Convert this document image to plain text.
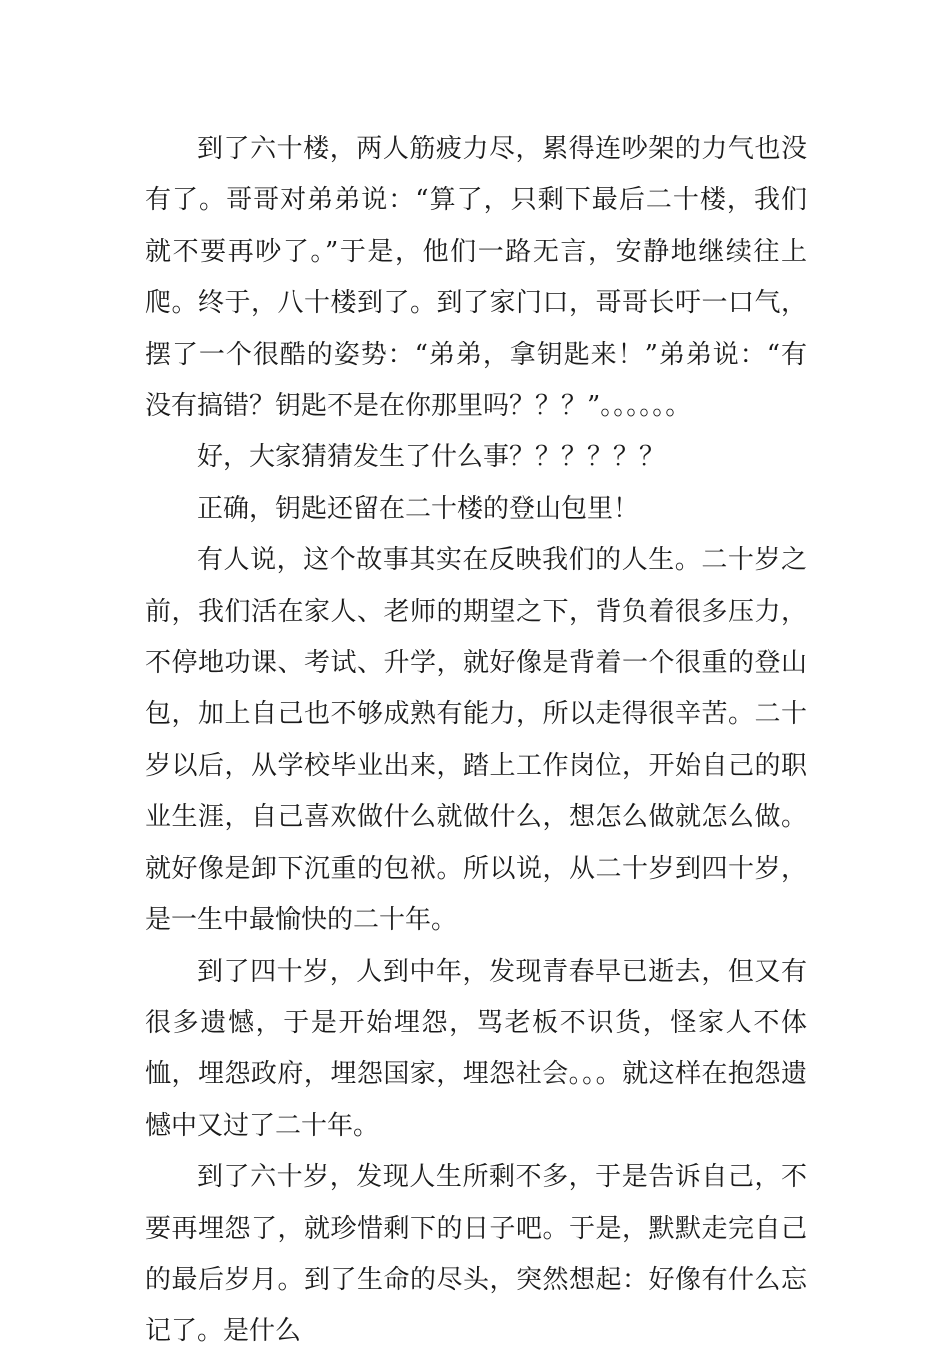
到了六十楼，两人筋疲力尽，累得连吵架的力气也没有了。哥哥对弟弟说：“算了，只剩下最后二十楼，我们就不要再吵了。”于是，他们一路无言，安静地继续往上爬。终于，八十楼到了。到了家门口，哥哥长吁一口气，摆了一个很酷的姿势：“弟弟，拿钥匙来！”弟弟说：“有没有搞错？钥匙不是在你那里吗？？？”。。。。。。

好，大家猜猜发生了什么事？？？？？？

正确，钥匙还留在二十楼的登山包里！

有人说，这个故事其实在反映我们的人生。二十岁之前，我们活在家人、老师的期望之下，背负着很多压力，不停地功课、考试、升学，就好像是背着一个很重的登山包，加上自己也不够成熟有能力，所以走得很辛苦。二十岁以后，从学校毕业出来，踏上工作岗位，开始自己的职业生涯，自己喜欢做什么就做什么，想怎么做就怎么做。就好像是卸下沉重的包袱。所以说，从二十岁到四十岁，是一生中最愉快的二十年。

到了四十岁，人到中年，发现青春早已逝去，但又有很多遗憾，于是开始埋怨，骂老板不识货，怪家人不体恤，埋怨政府，埋怨国家，埋怨社会。。。就这样在抱怨遗憾中又过了二十年。

到了六十岁，发现人生所剩不多，于是告诉自己，不要再埋怨了，就珍惜剩下的日子吧。于是，默默走完自己的最后岁月。到了生命的尽头，突然想起：好像有什么忘记了。是什么
